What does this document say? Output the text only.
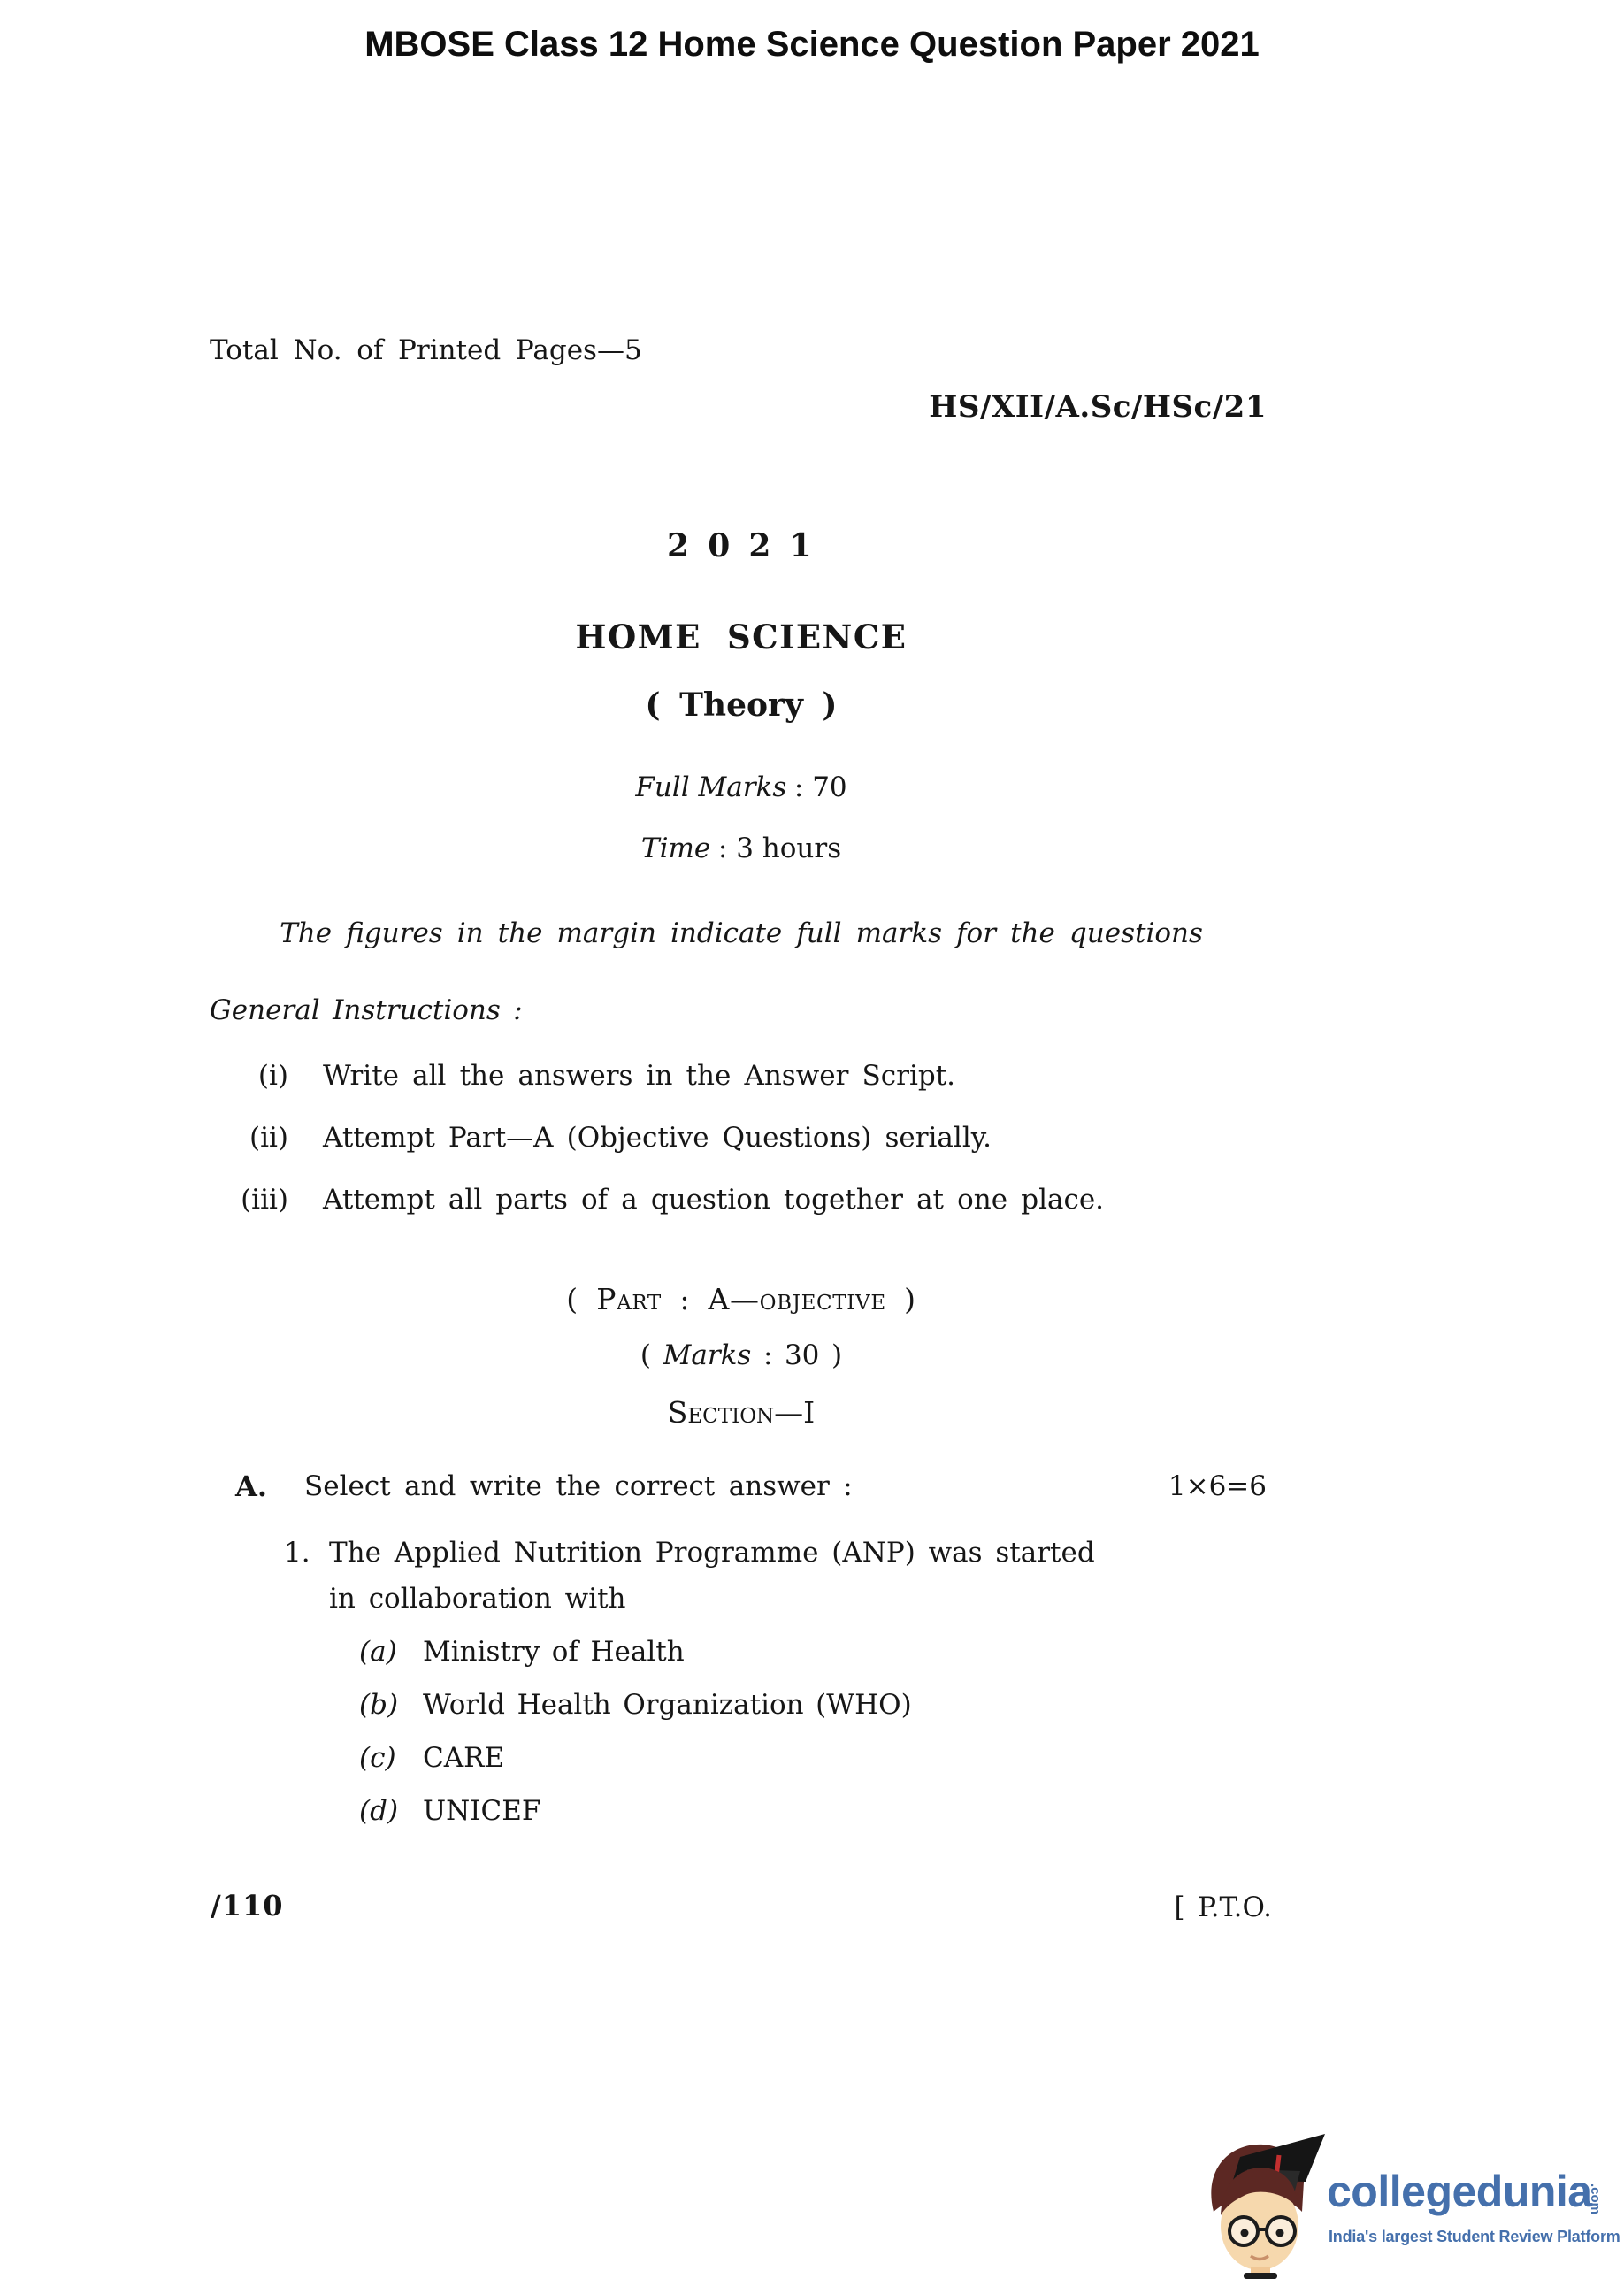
MBOSE Class 12 Home Science Question Paper 2021
Total No. of Printed Pages—5
HS/XII/A.Sc/HSc/21
2 0 2 1
HOME SCIENCE
( Theory )
Full Marks : 70
Time : 3 hours
The figures in the margin indicate full marks for the questions
General Instructions :
(i) Write all the answers in the Answer Script.
(ii) Attempt Part—A (Objective Questions) serially.
(iii) Attempt all parts of a question together at one place.
( Part : A—objective )
( Marks : 30 )
Section—I
A. Select and write the correct answer :	1×6=6
1. The Applied Nutrition Programme (ANP) was started
in collaboration with
(a) Ministry of Health
(b) World Health Organization (WHO)
(c) CARE
(d) UNICEF
/110	[ P.T.O.
collegedunia
.com
India's largest Student Review Platform
